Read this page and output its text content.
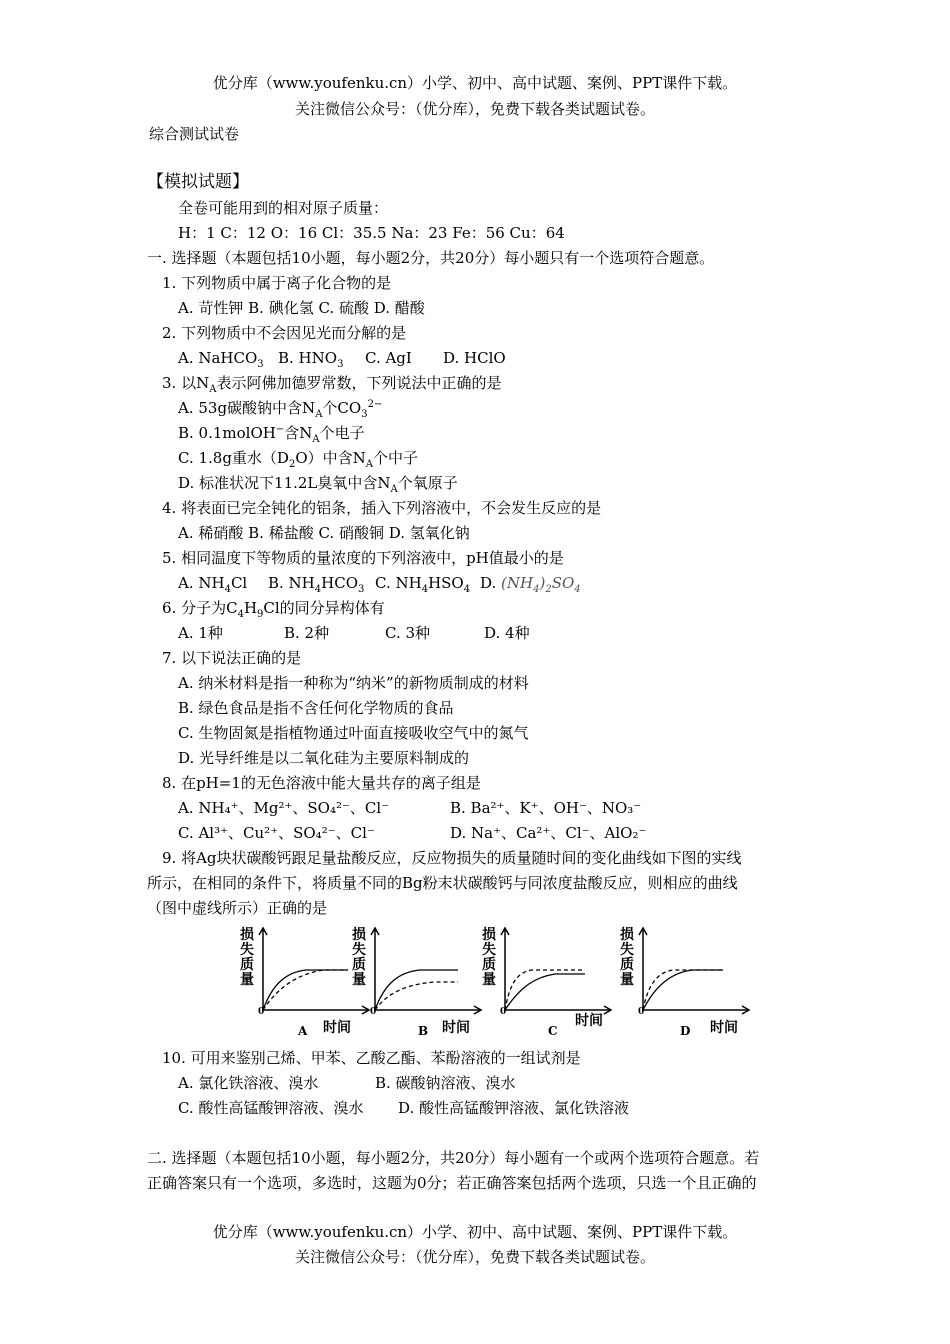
优分库（www.youfenku.cn）小学、初中、高中试题、案例、PPT课件下载。
关注微信公众号：（优分库），免费下载各类试题试卷。
综合测试试卷
【模拟试题】
全卷可能用到的相对原子质量：
H：1 C：12 O：16 Cl：35.5 Na：23 Fe：56 Cu：64
一. 选择题（本题包括10小题，每小题2分，共20分）每小题只有一个选项符合题意。
1. 下列物质中属于离子化合物的是
A. 苛性钾 B. 碘化氢 C. 硫酸 D. 醋酸
2. 下列物质中不会因见光而分解的是
A. NaHCO$_3$ B. $HNO_3$ C. AgI D. HClO
3. 以$N_A$表示阿佛加德罗常数，下列说法中正确的是
A. 53g碳酸钠中含$N_A$个$CO_3^{2-}$
B. 0.1molOH−含$N_A$个电子
C. 1.8g重水$(D_2O)$中含$N_A$个中子
D. 标准状况下11.2L臭氧中含$N_A$个氧原子
4. 将表面已完全钝化的铝条，插入下列溶液中，不会发生反应的是
A. 稀硝酸 B. 稀盐酸 C. 硝酸铜 D. 氢氧化钠
5. 相同温度下等物质的量浓度的下列溶液中，pH值最小的是
A. $NH_4Cl$ B. $NH_4HCO_3$ C. $NH_4HSO_4$ D. $(NH_4)_2SO_4$
6. 分子为$C_4H_9Cl$的同分异构体有
A. 1种	B. 2种	C. 3种	D. 4种
7. 以下说法正确的是
A. 纳米材料是指一种称为“纳米”的新物质制成的材料
B. 绿色食品是指不含任何化学物质的食品
C. 生物固氮是指植物通过叶面直接吸收空气中的氮气
D. 光导纤维是以二氧化硅为主要原料制成的
8. 在pH=1的无色溶液中能大量共存的离子组是
A. NH₄⁺、Mg²⁺、SO₄²⁻、Cl⁻	B. Ba²⁺、K⁺、OH⁻、NO₃⁻
C. Al³⁺、Cu²⁺、SO₄²⁻、Cl⁻	D. Na⁺、Ca²⁺、Cl⁻、AlO₂⁻
9. 将Ag块状碳酸钙跟足量盐酸反应，反应物损失的质量随时间的变化曲线如下图的实线
所示，在相同的条件下，将质量不同的Bg粉末状碳酸钙与同浓度盐酸反应，则相应的曲线
（图中虚线所示）正确的是
损
失
质
量
0
时间
A
损
失
质
量
0
时间
B
损
失
质
量
0
时间
C
损
失
质
量
0
时间
D
10. 可用来鉴别己烯、甲苯、乙酸乙酯、苯酚溶液的一组试剂是
A. 氯化铁溶液、溴水	B. 碳酸钠溶液、溴水
C. 酸性高锰酸钾溶液、溴水 D. 酸性高锰酸钾溶液、氯化铁溶液
二. 选择题（本题包括10小题，每小题2分，共20分）每小题有一个或两个选项符合题意。若
正确答案只有一个选项，多选时，这题为0分；若正确答案包括两个选项，只选一个且正确的
优分库（www.youfenku.cn）小学、初中、高中试题、案例、PPT课件下载。
关注微信公众号：（优分库），免费下载各类试题试卷。
